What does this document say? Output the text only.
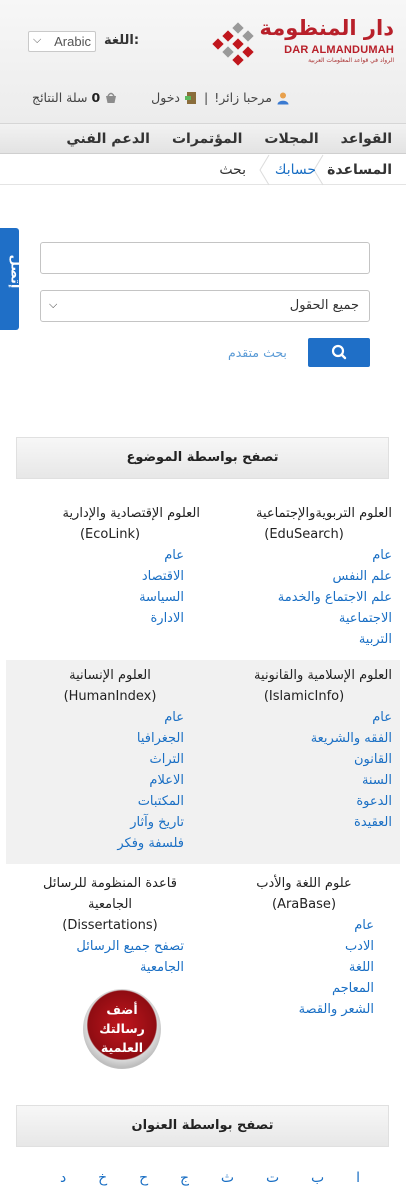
دار المنظومة
DAR ALMANDUMAH
الرواد في قواعد المعلومات العربية
اللغة:
⌵ Arabic
مرحبا زائر!
|
دخول
0
سلة النتائج
القواعد
المجلات
المؤتمرات
الدعم الفني
المساعدة
حسابك
بحث
إتصل
⌵	جميع الحقول
بحث متقدم
تصفح بواسطة الموضوع
العلوم التربويةوالإجتماعية
(EduSearch)
عام
علم النفس
علم الاجتماع والخدمة
الاجتماعية
التربية
العلوم الإقتصادية والإدارية
(EcoLink)
عام
الاقتصاد
السياسة
الادارة
العلوم الإسلامية والقانونية
(IslamicInfo)
عام
الفقه والشريعة
القانون
السنة
الدعوة
العقيدة
العلوم الإنسانية
(HumanIndex)
عام
الجغرافيا
التراث
الاعلام
المكتبات
تاريخ وآثار
فلسفة وفكر
علوم اللغة والأدب
(AraBase)
عام
الادب
اللغة
المعاجم
الشعر والقصة
قاعدة المنظومة للرسائل
الجامعية
(Dissertations)
تصفح جميع الرسائل
الجامعية
أضف
رسالتك
العلمية
تصفح بواسطة العنوان
ا
ب
ت
ث
ج
ح
خ
د
